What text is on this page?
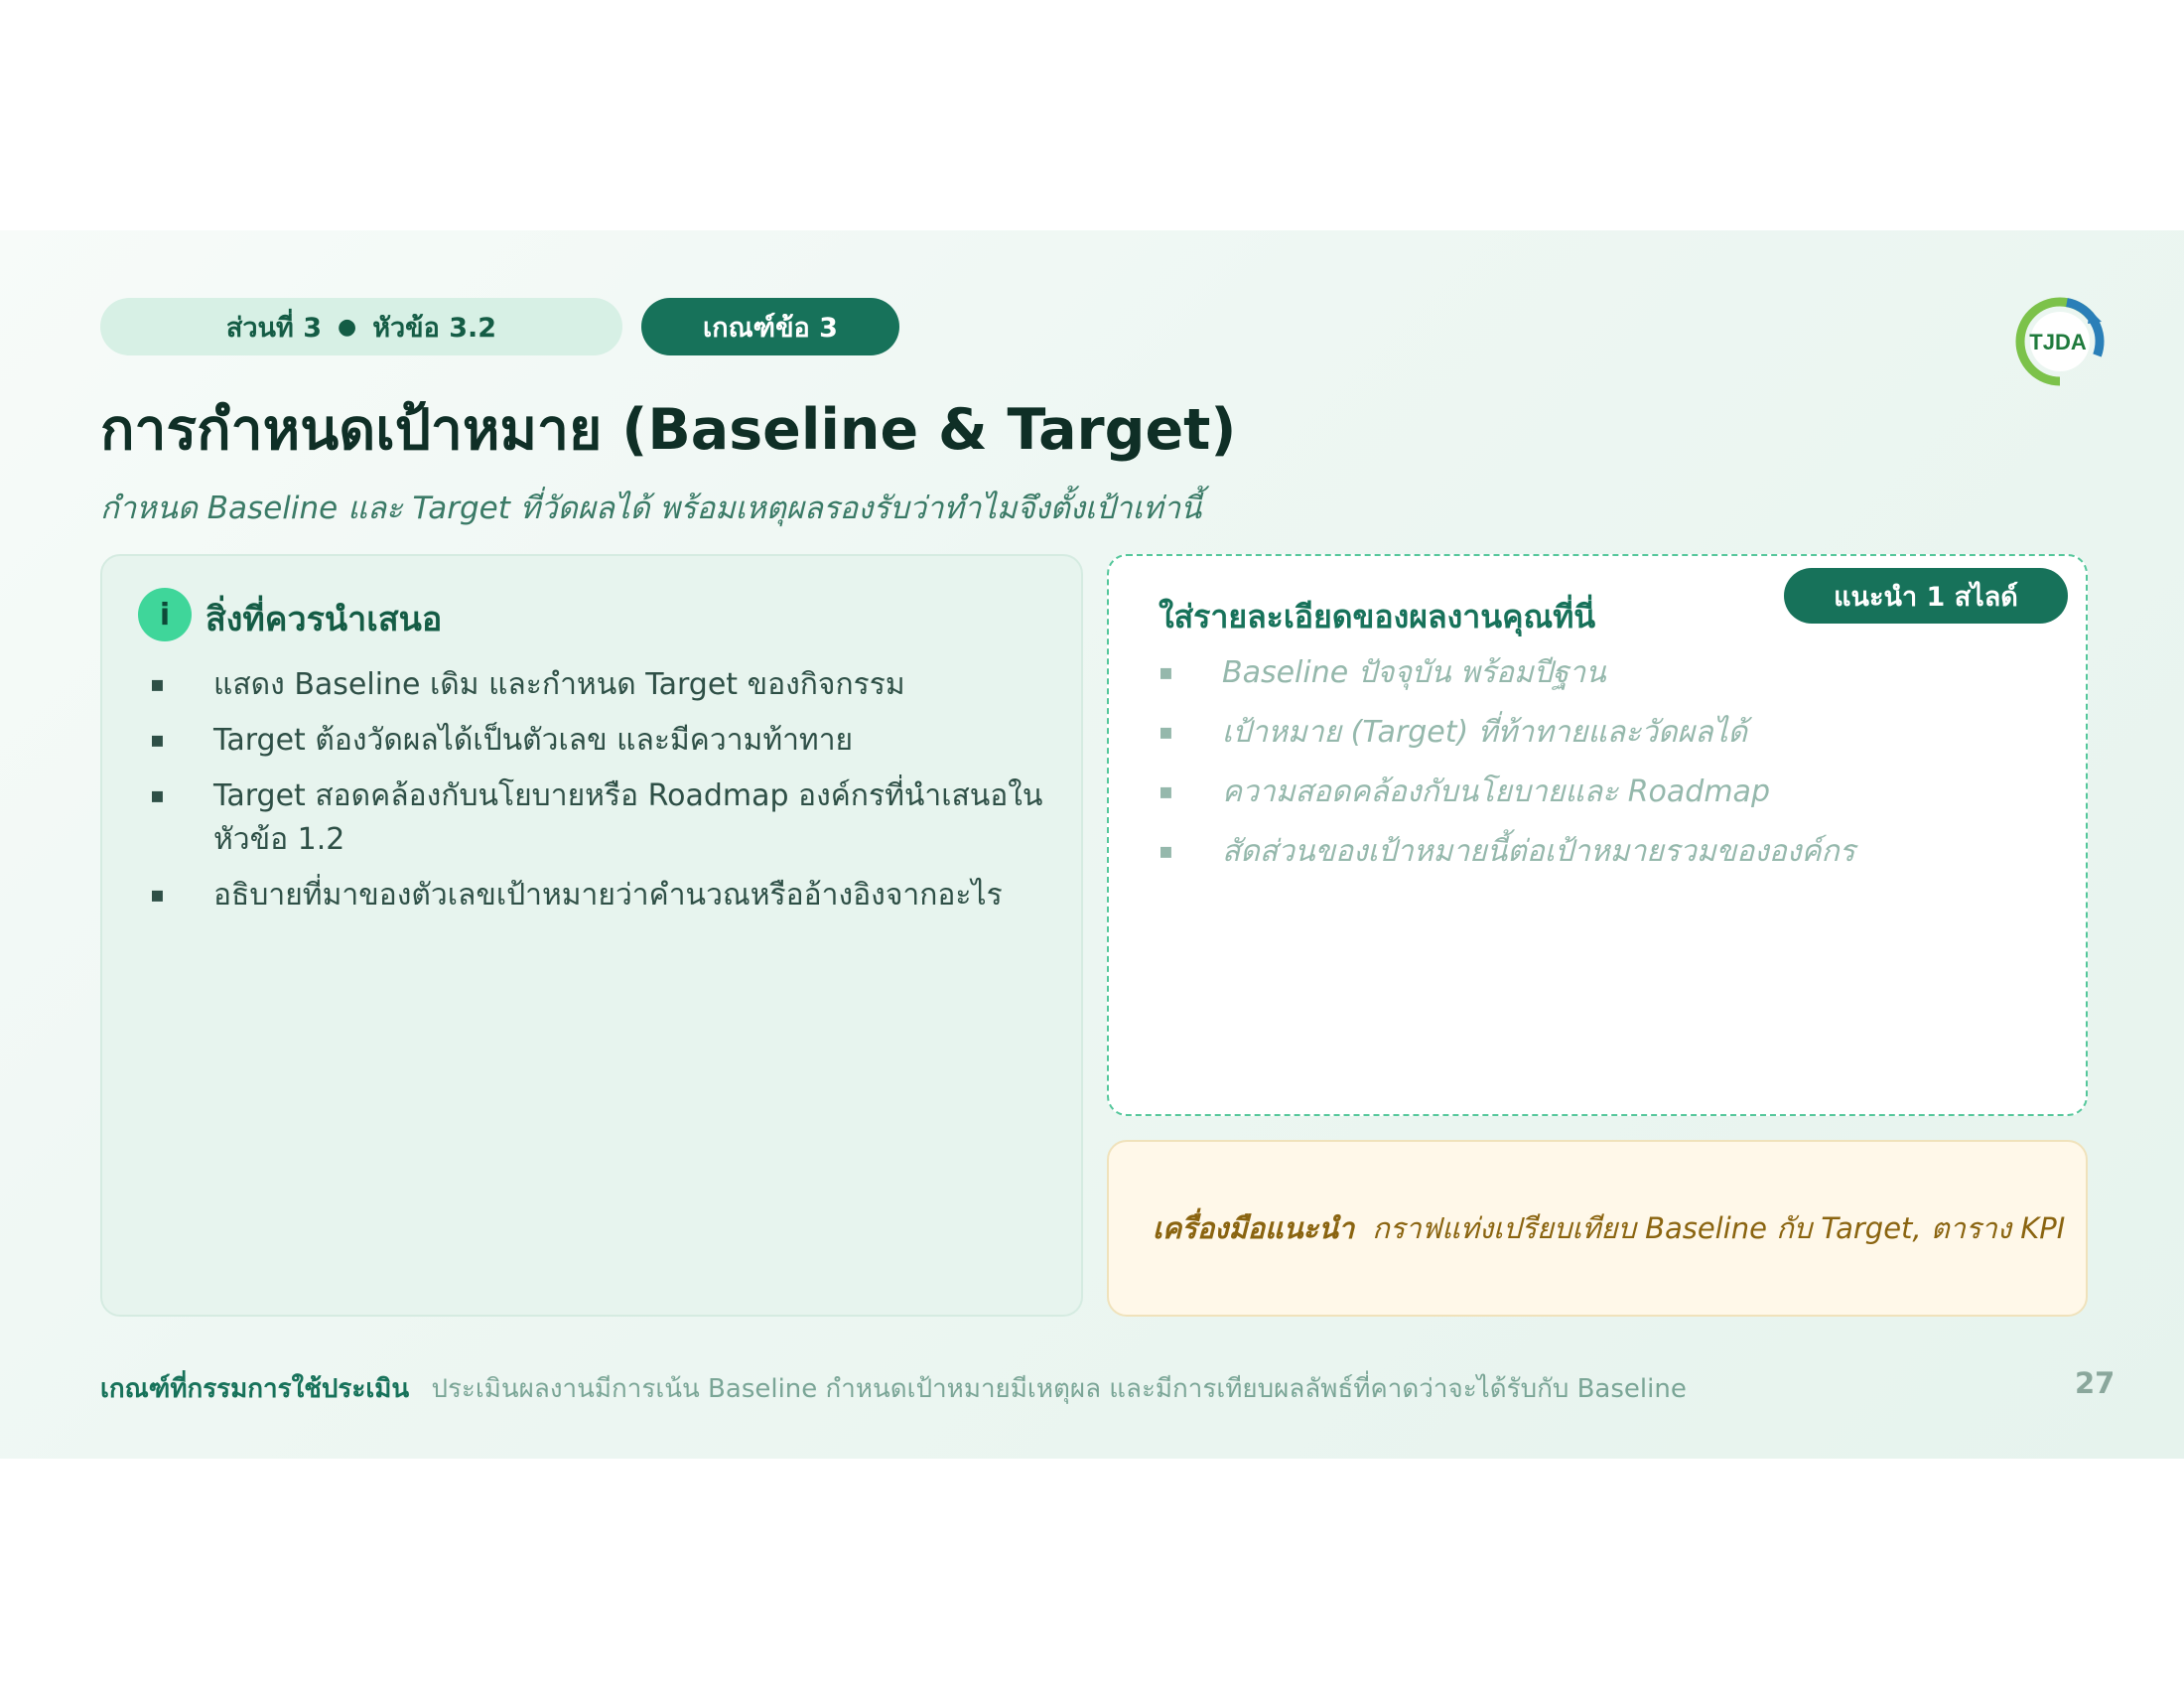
ส่วนที่ 3 ● หัวข้อ 3.2	เกณฑ์ข้อ 3	TJDA
การกำหนดเป้าหมาย (Baseline & Target)

กำหนด Baseline และ Target ที่วัดผลได้ พร้อมเหตุผลรองรับว่าทำไมจึงตั้งเป้าเท่านี้

i	สิ่งที่ควรนำเสนอ
▪ แสดง Baseline เดิม และกำหนด Target ของกิจกรรม
▪ Target ต้องวัดผลได้เป็นตัวเลข และมีความท้าทาย
▪ Target สอดคล้องกับนโยบายหรือ Roadmap องค์กรที่นำเสนอในหัวข้อ 1.2
▪ อธิบายที่มาของตัวเลขเป้าหมายว่าคำนวณหรืออ้างอิงจากอะไร
ใส่รายละเอียดของผลงานคุณที่นี่
แนะนำ 1 สไลด์
▪ Baseline ปัจจุบัน พร้อมปีฐาน
▪ เป้าหมาย (Target) ที่ท้าทายและวัดผลได้
▪ ความสอดคล้องกับนโยบายและ Roadmap
▪ สัดส่วนของเป้าหมายนี้ต่อเป้าหมายรวมขององค์กร
เครื่องมือแนะนำ กราฟแท่งเปรียบเทียบ Baseline กับ Target, ตาราง KPI
เกณฑ์ที่กรรมการใช้ประเมิน ประเมินผลงานมีการเน้น Baseline กำหนดเป้าหมายมีเหตุผล และมีการเทียบผลลัพธ์ที่คาดว่าจะได้รับกับ Baseline	27
